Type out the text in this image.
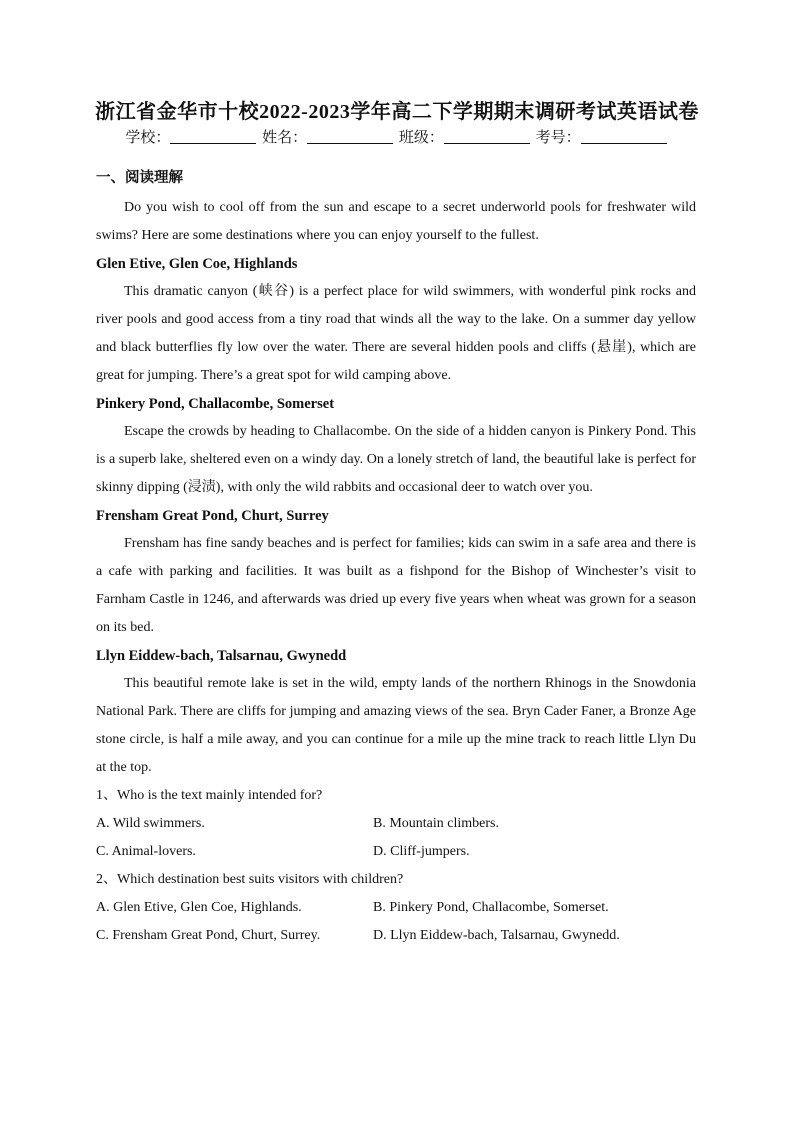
浙江省金华市十校2022-2023学年高二下学期期末调研考试英语试卷
学校：	姓名：	班级：	考号：
一、阅读理解

Do you wish to cool off from the sun and escape to a secret underworld pools for freshwater wild swims? Here are some destinations where you can enjoy yourself to the fullest.

Glen Etive, Glen Coe, Highlands

This dramatic canyon (峡谷) is a perfect place for wild swimmers, with wonderful pink rocks and river pools and good access from a tiny road that winds all the way to the lake. On a summer day yellow and black butterflies fly low over the water. There are several hidden pools and cliffs (悬崖), which are great for jumping. There’s a great spot for wild camping above.

Pinkery Pond, Challacombe, Somerset

Escape the crowds by heading to Challacombe. On the side of a hidden canyon is Pinkery Pond. This is a superb lake, sheltered even on a windy day. On a lonely stretch of land, the beautiful lake is perfect for skinny dipping (浸渍), with only the wild rabbits and occasional deer to watch over you.

Frensham Great Pond, Churt, Surrey

Frensham has fine sandy beaches and is perfect for families; kids can swim in a safe area and there is a cafe with parking and facilities. It was built as a fishpond for the Bishop of Winchester’s visit to Farnham Castle in 1246, and afterwards was dried up every five years when wheat was grown for a season on its bed.

Llyn Eiddew-bach, Talsarnau, Gwynedd

This beautiful remote lake is set in the wild, empty lands of the northern Rhinogs in the Snowdonia National Park. There are cliffs for jumping and amazing views of the sea. Bryn Cader Faner, a Bronze Age stone circle, is half a mile away, and you can continue for a mile up the mine track to reach little Llyn Du at the top.

1、Who is the text mainly intended for?

A. Wild swimmers.	B. Mountain climbers.

C. Animal-lovers.	D. Cliff-jumpers.

2、Which destination best suits visitors with children?

A. Glen Etive, Glen Coe, Highlands.	B. Pinkery Pond, Challacombe, Somerset.

C. Frensham Great Pond, Churt, Surrey.	D. Llyn Eiddew-bach, Talsarnau, Gwynedd.
